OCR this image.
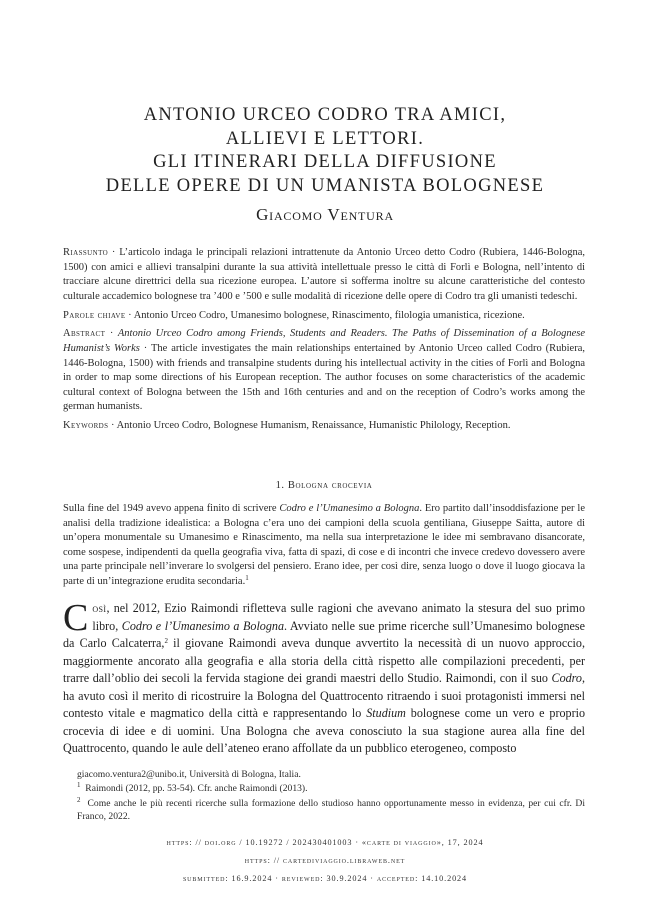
ANTONIO URCEO CODRO TRA AMICI,
ALLIEVI E LETTORI.
GLI ITINERARI DELLA DIFFUSIONE
DELLE OPERE DI UN UMANISTA BOLOGNESE
Giacomo Ventura

Riassunto · L’articolo indaga le principali relazioni intrattenute da Antonio Urceo detto Codro (Rubiera, 1446-Bologna, 1500) con amici e allievi transalpini durante la sua attività intellettuale presso le città di Forlì e Bologna, nell’intento di tracciare alcune direttrici della sua ricezione europea. L’autore si sofferma inoltre su alcune caratteristiche del contesto culturale accademico bolognese tra ’400 e ’500 e sulle modalità di ricezione delle opere di Codro tra gli umanisti tedeschi.

Parole chiave · Antonio Urceo Codro, Umanesimo bolognese, Rinascimento, filologia umanistica, ricezione.

Abstract · Antonio Urceo Codro among Friends, Students and Readers. The Paths of Dissemination of a Bolognese Humanist’s Works · The article investigates the main relationships entertained by Antonio Urceo called Codro (Rubiera, 1446-Bologna, 1500) with friends and transalpine students during his intellectual activity in the cities of Forlì and Bologna in order to map some directions of his European reception. The author focuses on some characteristics of the academic cultural context of Bologna between the 15th and 16th centuries and and on the reception of Codro’s works among the german humanists.

Keywords · Antonio Urceo Codro, Bolognese Humanism, Renaissance, Humanistic Philology, Reception.

1. Bologna crocevia
Sulla fine del 1949 avevo appena finito di scrivere Codro e l’Umanesimo a Bologna. Ero partito dall’insoddisfazione per le analisi della tradizione idealistica: a Bologna c’era uno dei campioni della scuola gentiliana, Giuseppe Saitta, autore di un’opera monumentale su Umanesimo e Rinascimento, ma nella sua interpretazione le idee mi sembravano disancorate, come sospese, indipendenti da quella geografia viva, fatta di spazi, di cose e di incontri che invece credevo dovessero avere una parte principale nell’inverare lo svolgersi del pensiero. Erano idee, per così dire, senza luogo o dove il luogo giocava la parte di un’integrazione erudita secondaria.$^1$
Così, nel 2012, Ezio Raimondi rifletteva sulle ragioni che avevano animato la stesura del suo primo libro, Codro e l’Umanesimo a Bologna. Avviato nelle sue prime ricerche sull’Umanesimo bolognese da Carlo Calcaterra,$^2$ il giovane Raimondi aveva dunque avvertito la necessità di un nuovo approccio, maggiormente ancorato alla geografia e alla storia della città rispetto alle compilazioni precedenti, per trarre dall’oblio dei secoli la fervida stagione dei grandi maestri dello Studio. Raimondi, con il suo Codro, ha avuto così il merito di ricostruire la Bologna del Quattrocento ritraendo i suoi protagonisti immersi nel contesto vitale e magmatico della città e rappresentando lo Studium bolognese come un vero e proprio crocevia di idee e di uomini. Una Bologna che aveva conosciuto la sua stagione aurea alla fine del Quattrocento, quando le aule dell’ateneo erano affollate da un pubblico eterogeneo, composto

giacomo.ventura2@unibo.it, Università di Bologna, Italia.

$^1$ Raimondi (2012, pp. 53-54). Cfr. anche Raimondi (2013).

$^2$ Come anche le più recenti ricerche sulla formazione dello studioso hanno opportunamente messo in evidenza, per cui cfr. Di Franco, 2022.

https: // doi.org / 10.19272 / 202430401003 · «carte di viaggio», 17, 2024
https: // cartediviaggio.libraweb.net
submitted: 16.9.2024 · reviewed: 30.9.2024 · accepted: 14.10.2024
